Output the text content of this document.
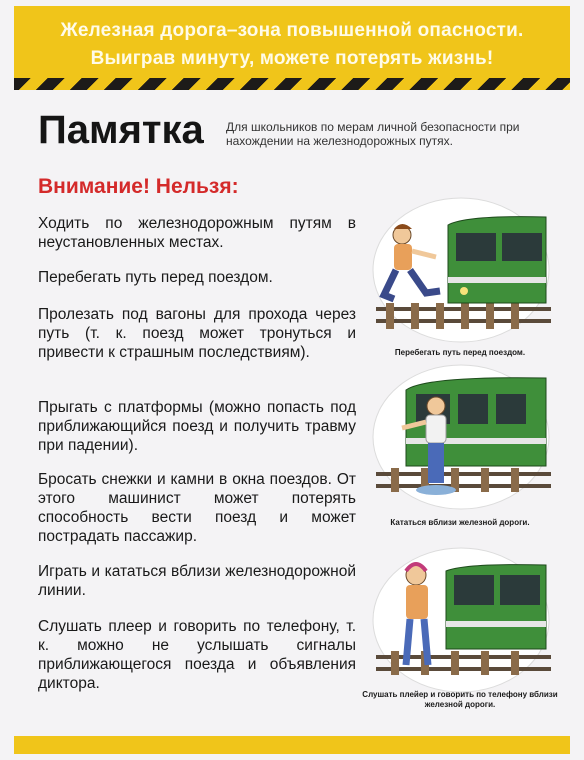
Железная дорога–зона повышенной опасности.
Выиграв минуту, можете потерять жизнь!
Памятка Для школьников по мерам личной безопасности при нахождении на железнодорожных путях.
Внимание! Нельзя:
Ходить по железнодорожным путям в неустановленных местах.
Перебегать путь перед поездом.
Пролезать под вагоны для прохода через путь (т. к. поезд может тронуться и привести к страшным последствиям).
Прыгать с платформы (можно попасть под приближающийся поезд и получить травму при падении).
Бросать снежки и камни в окна поездов. От этого машинист может потерять способность вести поезд и может пострадать пассажир.
Играть и кататься вблизи железнодорожной линии.
Слушать плеер и говорить по телефону, т. к. можно не услышать сигналы приближающегося поезда и объявления диктора.
Перебегать путь перед поездом.
Кататься вблизи железной дороги.
Слушать плейер и говорить по телефону вблизи железной дороги.
